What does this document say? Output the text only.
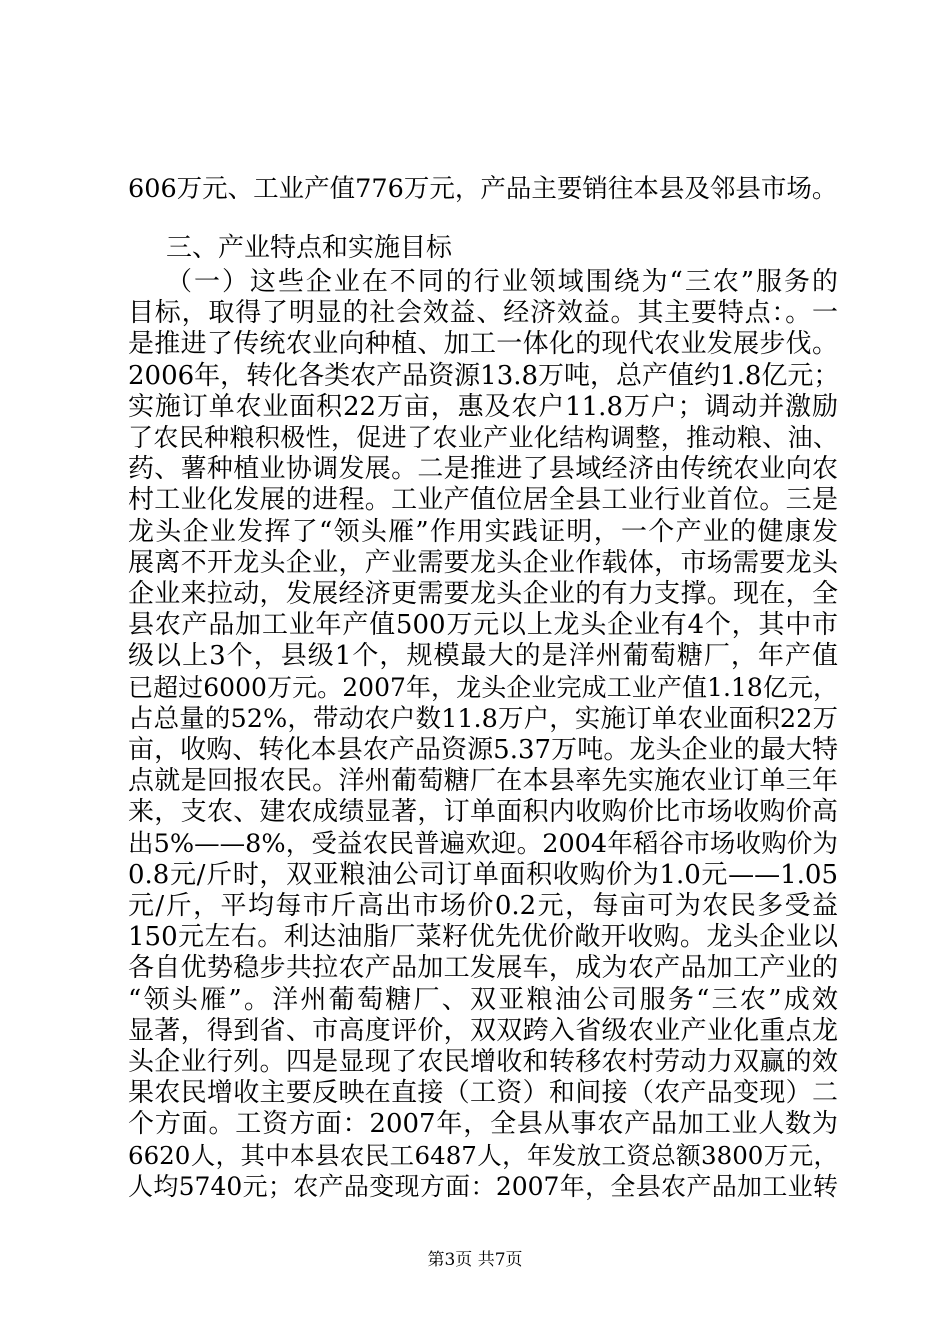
606万元、工业产值776万元，产品主要销往本县及邻县市场。
三、产业特点和实施目标
（一）这些企业在不同的行业领域围绕为“三农”服务的
目标，取得了明显的社会效益、经济效益。其主要特点：。一
是推进了传统农业向种植、加工一体化的现代农业发展步伐。
2006年，转化各类农产品资源13.8万吨，总产值约1.8亿元；
实施订单农业面积22万亩，惠及农户11.8万户；调动并激励
了农民种粮积极性，促进了农业产业化结构调整，推动粮、油、
药、薯种植业协调发展。二是推进了县域经济由传统农业向农
村工业化发展的进程。工业产值位居全县工业行业首位。三是
龙头企业发挥了“领头雁”作用实践证明，一个产业的健康发
展离不开龙头企业，产业需要龙头企业作载体，市场需要龙头
企业来拉动，发展经济更需要龙头企业的有力支撑。现在，全
县农产品加工业年产值500万元以上龙头企业有4个，其中市
级以上3个，县级1个，规模最大的是洋州葡萄糖厂，年产值
已超过6000万元。2007年，龙头企业完成工业产值1.18亿元，
占总量的52%，带动农户数11.8万户，实施订单农业面积22万
亩，收购、转化本县农产品资源5.37万吨。龙头企业的最大特
点就是回报农民。洋州葡萄糖厂在本县率先实施农业订单三年
来，支农、建农成绩显著，订单面积内收购价比市场收购价高
出5%——8%，受益农民普遍欢迎。2004年稻谷市场收购价为
0.8元/斤时，双亚粮油公司订单面积收购价为1.0元——1.05
元/斤，平均每市斤高出市场价0.2元，每亩可为农民多受益
150元左右。利达油脂厂菜籽优先优价敞开收购。龙头企业以
各自优势稳步共拉农产品加工发展车，成为农产品加工产业的
“领头雁”。洋州葡萄糖厂、双亚粮油公司服务“三农”成效
显著，得到省、市高度评价，双双跨入省级农业产业化重点龙
头企业行列。四是显现了农民增收和转移农村劳动力双赢的效
果农民增收主要反映在直接（工资）和间接（农产品变现）二
个方面。工资方面：2007年，全县从事农产品加工业人数为
6620人，其中本县农民工6487人，年发放工资总额3800万元，
第3页 共7页
人均5740元；农产品变现方面：2007年，全县农产品加工业转
